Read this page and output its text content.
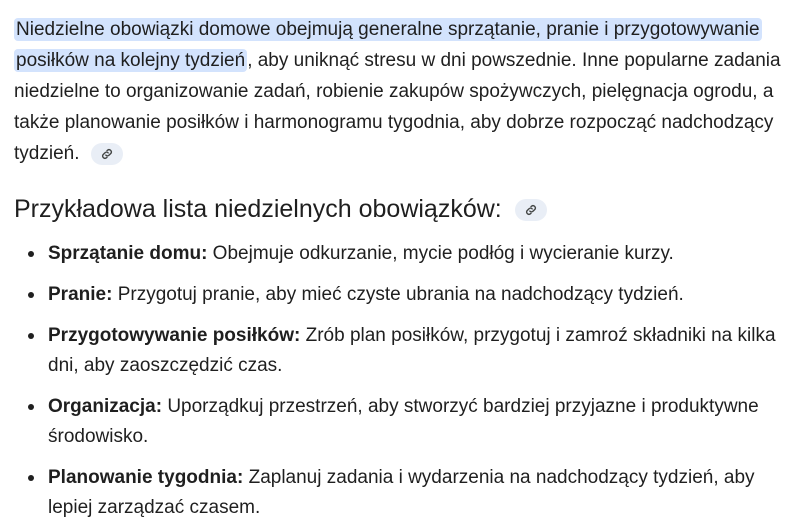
Niedzielne obowiązki domowe obejmują generalne sprzątanie, pranie i przygotowywanie posiłków na kolejny tydzień , aby uniknąć stresu w dni powszednie. Inne popularne zadania niedzielne to organizowanie zadań, robienie zakupów spożywczych, pielęgnacja ogrodu, a także planowanie posiłków i harmonogramu tygodnia, aby dobrze rozpocząć nadchodzący tydzień.

Przykładowa lista niedzielnych obowiązków:
Sprzątanie domu: Obejmuje odkurzanie, mycie podłóg i wycieranie kurzy.
Pranie: Przygotuj pranie, aby mieć czyste ubrania na nadchodzący tydzień.
Przygotowywanie posiłków: Zrób plan posiłków, przygotuj i zamroź składniki na kilka dni, aby zaoszczędzić czas.
Organizacja: Uporządkuj przestrzeń, aby stworzyć bardziej przyjazne i produktywne środowisko.
Planowanie tygodnia: Zaplanuj zadania i wydarzenia na nadchodzący tydzień, aby lepiej zarządzać czasem.
